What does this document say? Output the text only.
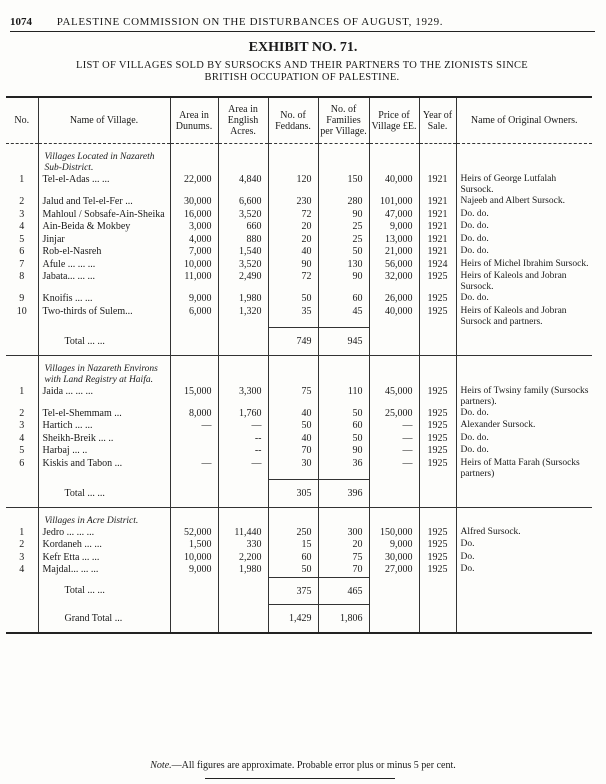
1074 PALESTINE COMMISSION ON THE DISTURBANCES OF AUGUST, 1929.
EXHIBIT NO. 71.
LIST OF VILLAGES SOLD BY SURSOCKS AND THEIR PARTNERS TO THE ZIONISTS SINCE
BRITISH OCCUPATION OF PALESTINE.
No.	Name of Village.	Area in Dunums.	Area in English Acres.	No. of Feddans.	No. of Families per Village.	Price of Village £E.	Year of Sale.	Name of Original Owners.
	Villages Located in Nazareth Sub-District.							
1	Tel-el-Adas ... ...	22,000	4,840	120	150	40,000	1921	Heirs of George Lutfalah Sursock.
2	Jalud and Tel-el-Fer ...	30,000	6,600	230	280	101,000	1921	Najeeb and Albert Sursock.
3	Mahloul / Sobsafe-Ain-Sheika	16,000	3,520	72	90	47,000	1921	Do. do.
4	Ain-Beida & Mokbey	3,000	660	20	25	9,000	1921	Do. do.
5	Jinjar	4,000	880	20	25	13,000	1921	Do. do.
6	Rob-el-Nasreh	7,000	1,540	40	50	21,000	1921	Do. do.
7	Afule ... ... ...	10,000	3,520	90	130	56,000	1924	Heirs of Michel Ibrahim Sursock.
8	Jabata... ... ...	11,000	2,490	72	90	32,000	1925	Heirs of Kaleols and Jobran Sursock.
9	Knoifis ... ...	9,000	1,980	50	60	26,000	1925	Do. do.
10	Two-thirds of Sulem...	6,000	1,320	35	45	40,000	1925	Heirs of Kaleols and Jobran Sursock and partners.
	Total ... ...			749	945			
	Villages in Nazareth Environs with Land Registry at Haifa.							
1	Jaida ... ... ...	15,000	3,300	75	110	45,000	1925	Heirs of Twsiny family (Sursocks partners).
2	Tel-el-Shemmam ...	8,000	1,760	40	50	25,000	1925	Do. do.
3	Hartich ... ...	—	—	50	60	—	1925	Alexander Sursock.
4	Sheikh-Breik ... ..		--	40	50	—	1925	Do. do.
5	Harbaj ... ..		--	70	90	—	1925	Do. do.
6	Kiskis and Tabon ...	—	—	30	36	—	1925	Heirs of Matta Farah (Sursocks partners)
	Total ... ...			305	396			
	Villages in Acre District.							
1	Jedro ... ... ...	52,000	11,440	250	300	150,000	1925	Alfred Sursock.
2	Kordaneh ... ...	1,500	330	15	20	9,000	1925	Do.
3	Kefr Etta ... ...	10,000	2,200	60	75	30,000	1925	Do.
4	Majdal... ... ...	9,000	1,980	50	70	27,000	1925	Do.
	Total ... ...			375	465			
	Grand Total ...			1,429	1,806			
Note.—All figures are approximate. Probable error plus or minus 5 per cent.
